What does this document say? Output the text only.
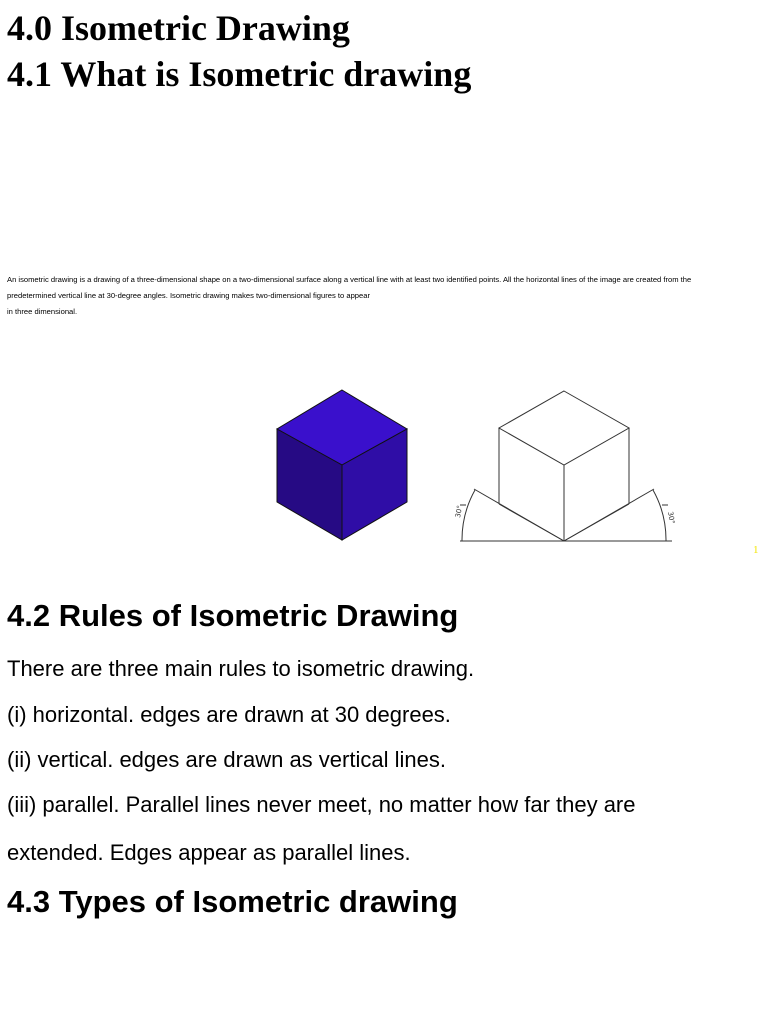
4.0 Isometric Drawing
4.1 What is Isometric drawing

An isometric drawing is a drawing of a three-dimensional shape on a two-dimensional surface along a vertical line with at least two identified points. All the horizontal lines of the image are created from the
predetermined vertical line at 30-degree angles. Isometric drawing makes two-dimensional figures to appear
in three dimensional.

30°	30°
1
4.2 Rules of Isometric Drawing

There are three main rules to isometric drawing.

(i) horizontal. edges are drawn at 30 degrees.

(ii) vertical. edges are drawn as vertical lines.

(iii) parallel. Parallel lines never meet, no matter how far they are

extended. Edges appear as parallel lines.

4.3 Types of Isometric drawing
